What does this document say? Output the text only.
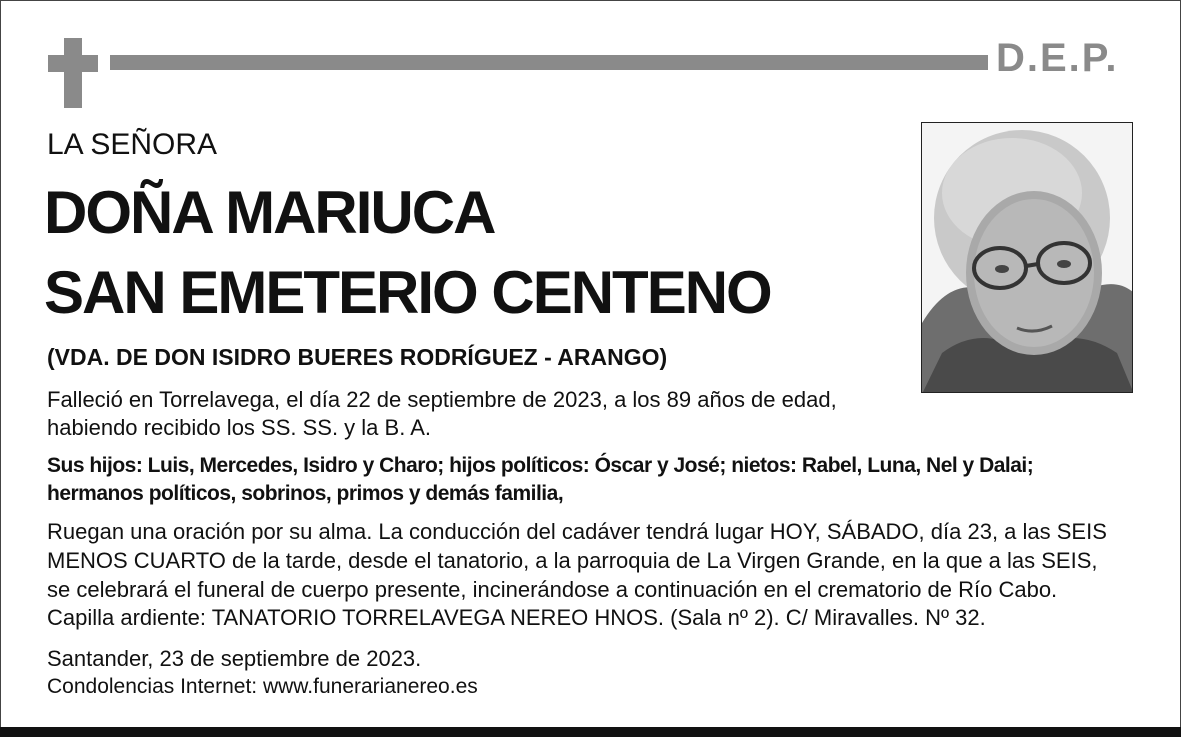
D.E.P.
LA SEÑORA
DOÑA MARIUCA
SAN EMETERIO CENTENO
(VDA. DE DON ISIDRO BUERES RODRÍGUEZ - ARANGO)
Falleció en Torrelavega, el día 22 de septiembre de 2023, a los 89 años de edad,
habiendo recibido los SS. SS. y la B. A.
Sus hijos: Luis, Mercedes, Isidro y Charo; hijos políticos: Óscar y José; nietos: Rabel, Luna, Nel y Dalai;
hermanos políticos, sobrinos, primos y demás familia,
Ruegan una oración por su alma. La conducción del cadáver tendrá lugar HOY, SÁBADO, día 23, a las SEIS
MENOS CUARTO de la tarde, desde el tanatorio, a la parroquia de La Virgen Grande, en la que a las SEIS,
se celebrará el funeral de cuerpo presente, incinerándose a continuación en el crematorio de Río Cabo.
Capilla ardiente: TANATORIO TORRELAVEGA NEREO HNOS. (Sala nº 2). C/ Miravalles. Nº 32.
Santander, 23 de septiembre de 2023.
Condolencias Internet: www.funerarianereo.es
